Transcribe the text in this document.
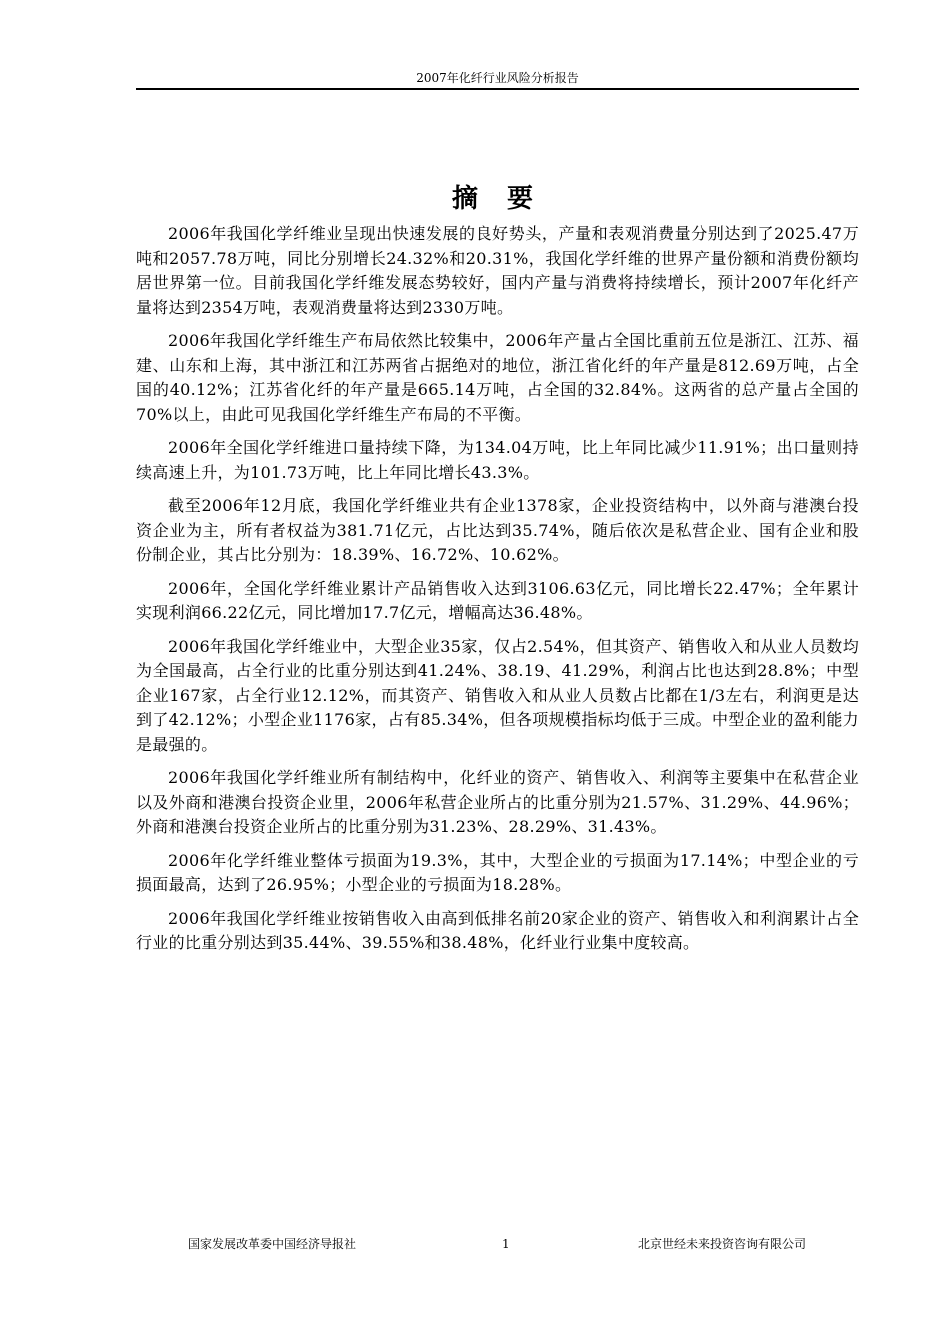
2007年化纤行业风险分析报告
摘 要

2006年我国化学纤维业呈现出快速发展的良好势头，产量和表观消费量分别达到了2025.47万吨和2057.78万吨，同比分别增长24.32%和20.31%，我国化学纤维的世界产量份额和消费份额均居世界第一位。目前我国化学纤维发展态势较好，国内产量与消费将持续增长，预计2007年化纤产量将达到2354万吨，表观消费量将达到2330万吨。

2006年我国化学纤维生产布局依然比较集中，2006年产量占全国比重前五位是浙江、江苏、福建、山东和上海，其中浙江和江苏两省占据绝对的地位，浙江省化纤的年产量是812.69万吨，占全国的40.12%；江苏省化纤的年产量是665.14万吨，占全国的32.84%。这两省的总产量占全国的70%以上，由此可见我国化学纤维生产布局的不平衡。

2006年全国化学纤维进口量持续下降，为134.04万吨，比上年同比减少11.91%；出口量则持续高速上升，为101.73万吨，比上年同比增长43.3%。

截至2006年12月底，我国化学纤维业共有企业1378家，企业投资结构中，以外商与港澳台投资企业为主，所有者权益为381.71亿元，占比达到35.74%，随后依次是私营企业、国有企业和股份制企业，其占比分别为：18.39%、16.72%、10.62%。

2006年，全国化学纤维业累计产品销售收入达到3106.63亿元，同比增长22.47%；全年累计实现利润66.22亿元，同比增加17.7亿元，增幅高达36.48%。

2006年我国化学纤维业中，大型企业35家，仅占2.54%，但其资产、销售收入和从业人员数均为全国最高，占全行业的比重分别达到41.24%、38.19、41.29%，利润占比也达到28.8%；中型企业167家，占全行业12.12%，而其资产、销售收入和从业人员数占比都在1/3左右，利润更是达到了42.12%；小型企业1176家，占有85.34%，但各项规模指标均低于三成。中型企业的盈利能力是最强的。

2006年我国化学纤维业所有制结构中，化纤业的资产、销售收入、利润等主要集中在私营企业以及外商和港澳台投资企业里，2006年私营企业所占的比重分别为21.57%、31.29%、44.96%；外商和港澳台投资企业所占的比重分别为31.23%、28.29%、31.43%。

2006年化学纤维业整体亏损面为19.3%，其中，大型企业的亏损面为17.14%；中型企业的亏损面最高，达到了26.95%；小型企业的亏损面为18.28%。

2006年我国化学纤维业按销售收入由高到低排名前20家企业的资产、销售收入和利润累计占全行业的比重分别达到35.44%、39.55%和38.48%，化纤业行业集中度较高。

国家发展改革委中国经济导报社	1	北京世经未来投资咨询有限公司
